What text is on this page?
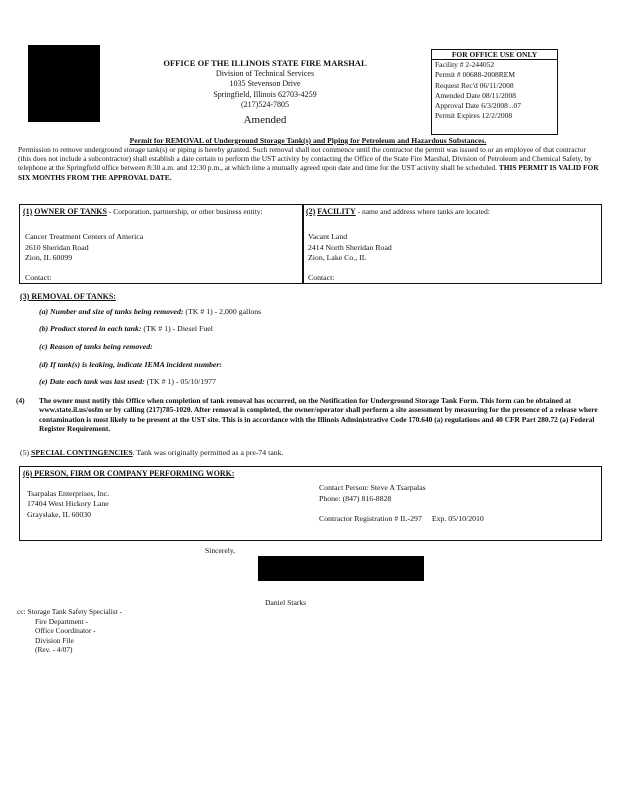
OFFICE OF THE ILLINOIS STATE FIRE MARSHAL
Division of Technical Services
1035 Stevenson Drive
Springfield, Illinois 62703-4259
(217)524-7805
Amended
FOR OFFICE USE ONLY
Facility # 2-244052
Permit # 00688-2008REM
Request Rec'd 06/11/2008
Amended Date 08/11/2008
Approval Date 6/3/2008 ..07
Permit Expires 12/2/2008
Permit for REMOVAL of Underground Storage Tank(s) and Piping for Petroleum and Hazardous Substances.
Permission to remove underground storage tank(s) or piping is hereby granted. Such removal shall not commence until the contractor the permit was issued to or an employee of that contractor (this does not include a subcontractor) shall establish a date certain to perform the UST activity by contacting the Office of the State Fire Marshal, Division of Petroleum and Chemical Safety, by telephone at the Springfield office between 8:30 a.m. and 12:30 p.m., at which time a mutually agreed upon date and time for the UST activity shall be scheduled. THIS PERMIT IS VALID FOR SIX MONTHS FROM THE APPROVAL DATE.
(1) OWNER OF TANKS - Corporation, partnership, or other business entity:
Cancer Treatment Centers of America
2610 Sheridan Road
Zion, IL 60099
Contact:
(2) FACILITY - name and address where tanks are located:
Vacant Land
2414 North Sheridan Road
Zion, Lake Co., IL
Contact:
(3) REMOVAL OF TANKS:
(a) Number and size of tanks being removed: (TK # 1) - 2,000 gallons
(b) Product stored in each tank: (TK # 1) - Diesel Fuel
(c) Reason of tanks being removed:
(d) If tank(s) is leaking, indicate IEMA incident number:
(e) Date each tank was last used: (TK # 1) - 05/10/1977
(4) The owner must notify this Office when completion of tank removal has occurred, on the Notification for Underground Storage Tank Form. This form can be obtained at www.state.il.us/osfm or by calling (217)785-1020. After removal is completed, the owner/operator shall perform a site assessment by measuring for the presence of a release where contamination is most likely to be present at the UST site. This is in accordance with the Illinois Administrative Code 170.640 (a) regulations and 40 CFR Part 280.72 (a) Federal Register Requirement.
(5) SPECIAL CONTINGENCIES. Tank was originally permitted as a pre-74 tank.
(6) PERSON, FIRM OR COMPANY PERFORMING WORK:
Tsarpalas Enterprises, Inc.
17404 West Hickory Lane
Grayslake, IL 60030
Contact Person: Steve A Tsarpalas
Phone: (847) 816-8828
Contractor Registration # IL-297 Exp. 05/10/2010
Sincerely,
Daniel Starks
cc: Storage Tank Safety Specialist -
Fire Department -
Office Coordinator -
Division File
(Rev. - 4/07)
